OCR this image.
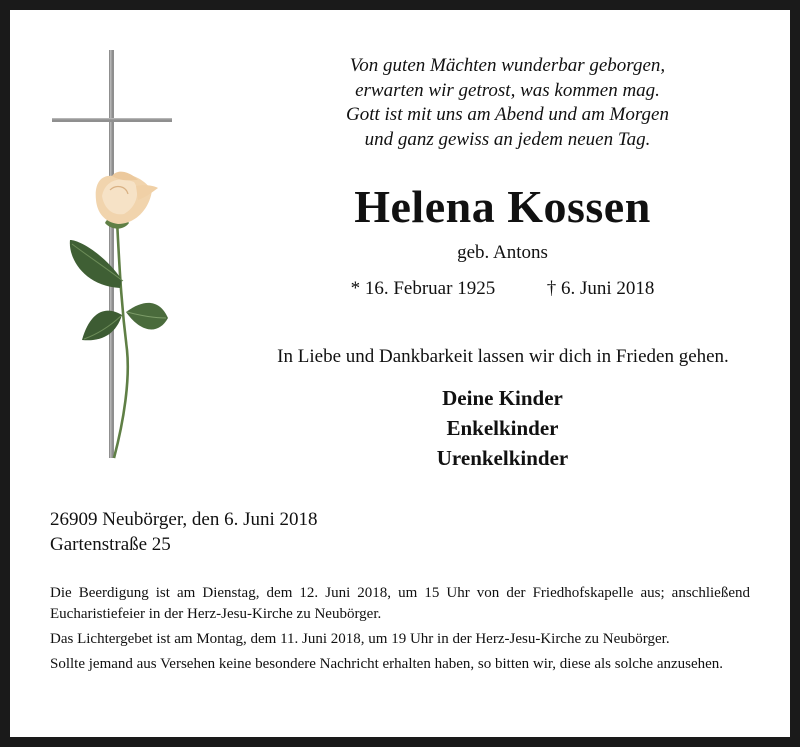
Von guten Mächten wunderbar geborgen,
erwarten wir getrost, was kommen mag.
Gott ist mit uns am Abend und am Morgen
und ganz gewiss an jedem neuen Tag.
Helena Kossen
geb. Antons
* 16. Februar 1925	† 6. Juni 2018
In Liebe und Dankbarkeit lassen wir dich in Frieden gehen.
Deine Kinder
Enkelkinder
Urenkelkinder
26909 Neubörger, den 6. Juni 2018
Gartenstraße 25

Die Beerdigung ist am Dienstag, dem 12. Juni 2018, um 15 Uhr von der Friedhofskapelle aus; anschließend Eucharistiefeier in der Herz-Jesu-Kirche zu Neubörger.

Das Lichtergebet ist am Montag, dem 11. Juni 2018, um 19 Uhr in der Herz-Jesu-Kirche zu Neubörger.

Sollte jemand aus Versehen keine besondere Nachricht erhalten haben, so bitten wir, diese als solche anzusehen.
